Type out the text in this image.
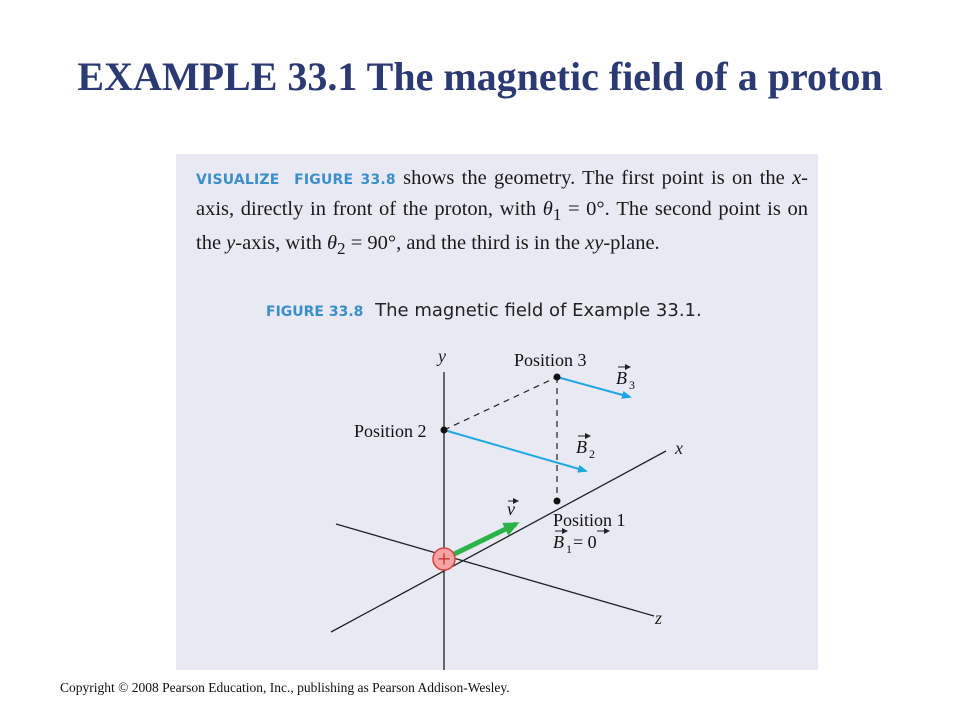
EXAMPLE 33.1 The magnetic field of a proton
VISUALIZE FIGURE 33.8 shows the geometry. The first point is on the x-axis, directly in front of the proton, with $\theta_1 = 0^\circ$. The second point is on the y-axis, with $\theta_2 = 90^\circ$, and the third is in the xy-plane.
FIGURE 33.8 The magnetic field of Example 33.1.
+
y
x
z
Position 3
Position 2
Position 1
B 3
B 2
v
B 1 = 0
Copyright © 2008 Pearson Education, Inc., publishing as Pearson Addison-Wesley.
